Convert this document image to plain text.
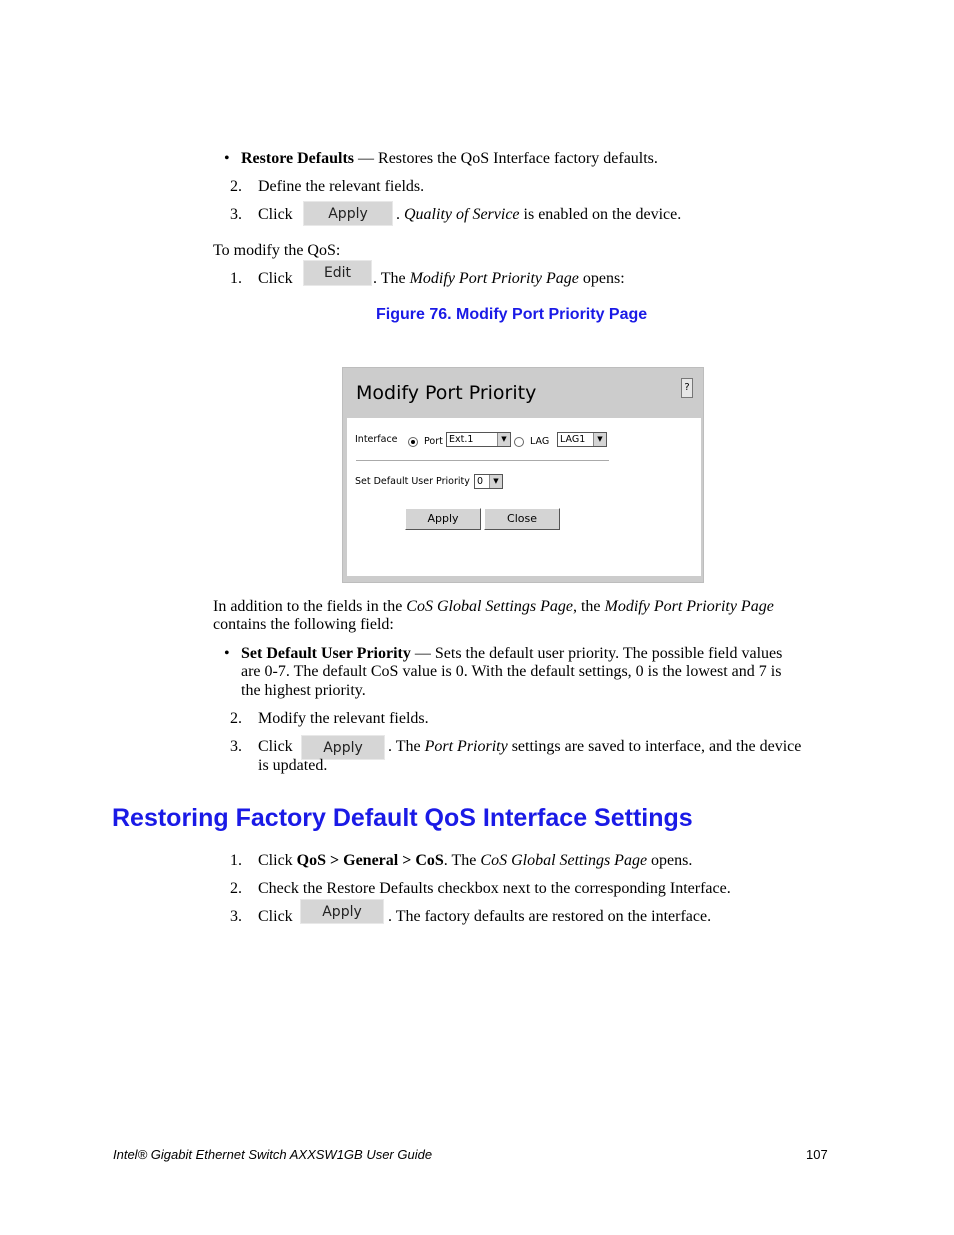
• Restore Defaults — Restores the QoS Interface factory defaults.
2. Define the relevant fields.
3. Click	Apply	. Quality of Service is enabled on the device.
To modify the QoS:
1. Click	Edit	. The Modify Port Priority Page opens:
Figure 76. Modify Port Priority Page
Modify Port Priority	?
Interface	Port Ext.1	▼	LAG	LAG1	▼
Set Default User Priority 0	▼
Apply	Close
In addition to the fields in the CoS Global Settings Page, the Modify Port Priority Page
contains the following field:
• Set Default User Priority — Sets the default user priority. The possible field values
are 0-7. The default CoS value is 0. With the default settings, 0 is the lowest and 7 is
the highest priority.
2. Modify the relevant fields.
3. Click	Apply	. The Port Priority settings are saved to interface, and the device
is updated.
Restoring Factory Default QoS Interface Settings
1. Click QoS > General > CoS. The CoS Global Settings Page opens.
2. Check the Restore Defaults checkbox next to the corresponding Interface.
3. Click	Apply	. The factory defaults are restored on the interface.
Intel® Gigabit Ethernet Switch AXXSW1GB User Guide	107
